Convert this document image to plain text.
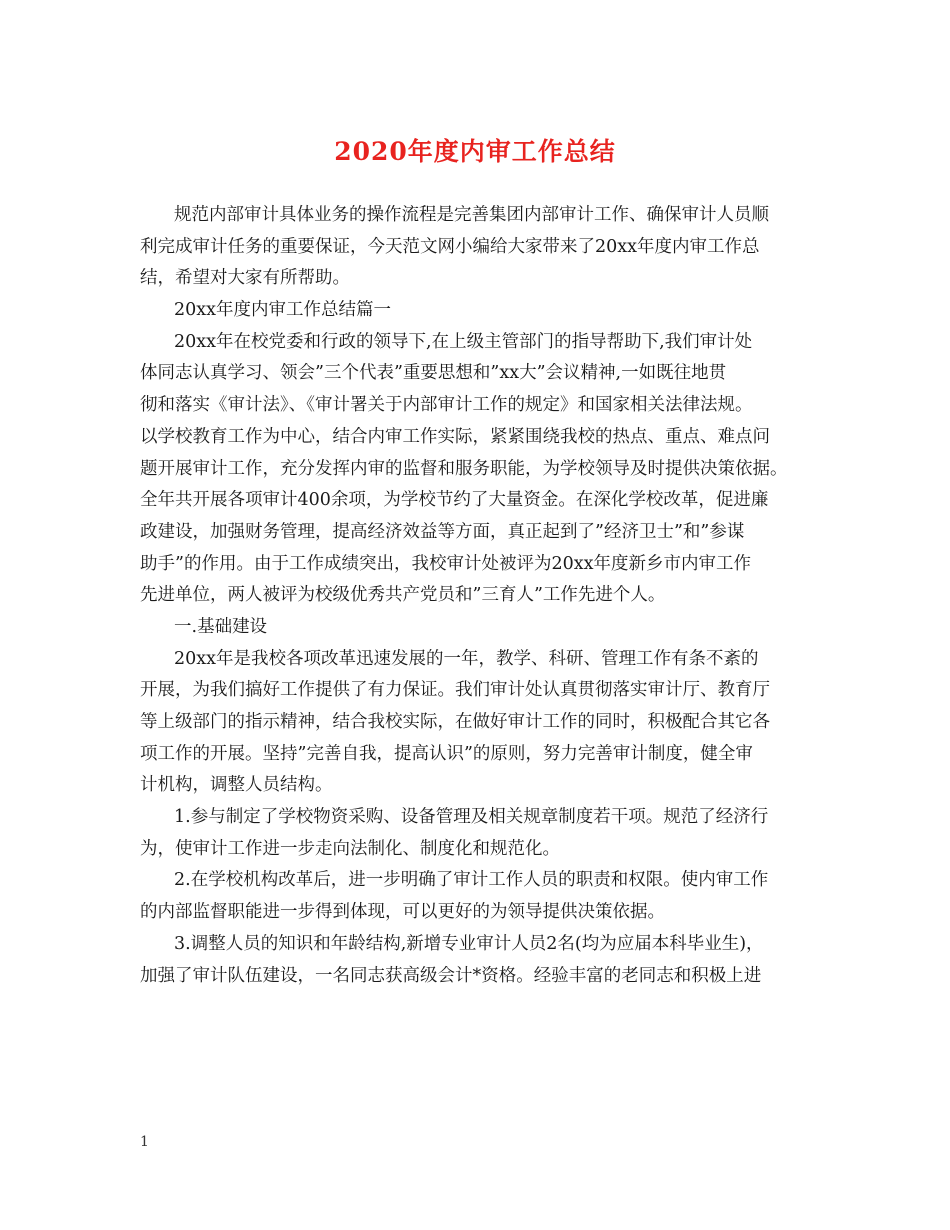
2020年度内审工作总结
规范内部审计具体业务的操作流程是完善集团内部审计工作、确保审计人员顺
利完成审计任务的重要保证，今天范文网小编给大家带来了20xx年度内审工作总
结，希望对大家有所帮助。
20xx年度内审工作总结篇一
20xx年在校党委和行政的领导下,在上级主管部门的指导帮助下,我们审计处
体同志认真学习、领会”三个代表”重要思想和”xx大”会议精神,一如既往地贯
彻和落实《审计法》、《审计署关于内部审计工作的规定》和国家相关法律法规。
以学校教育工作为中心，结合内审工作实际，紧紧围绕我校的热点、重点、难点问
题开展审计工作，充分发挥内审的监督和服务职能，为学校领导及时提供决策依据。
全年共开展各项审计400余项，为学校节约了大量资金。在深化学校改革，促进廉
政建设，加强财务管理，提高经济效益等方面，真正起到了”经济卫士”和”参谋
助手”的作用。由于工作成绩突出，我校审计处被评为20xx年度新乡市内审工作
先进单位，两人被评为校级优秀共产党员和”三育人”工作先进个人。
一.基础建设
20xx年是我校各项改革迅速发展的一年，教学、科研、管理工作有条不紊的
开展，为我们搞好工作提供了有力保证。我们审计处认真贯彻落实审计厅、教育厅
等上级部门的指示精神，结合我校实际，在做好审计工作的同时，积极配合其它各
项工作的开展。坚持”完善自我，提高认识”的原则，努力完善审计制度，健全审
计机构，调整人员结构。
1.参与制定了学校物资采购、设备管理及相关规章制度若干项。规范了经济行
为，使审计工作进一步走向法制化、制度化和规范化。
2.在学校机构改革后，进一步明确了审计工作人员的职责和权限。使内审工作
的内部监督职能进一步得到体现，可以更好的为领导提供决策依据。
3.调整人员的知识和年龄结构,新增专业审计人员2名(均为应届本科毕业生)，
加强了审计队伍建设，一名同志获高级会计*资格。经验丰富的老同志和积极上进
1
